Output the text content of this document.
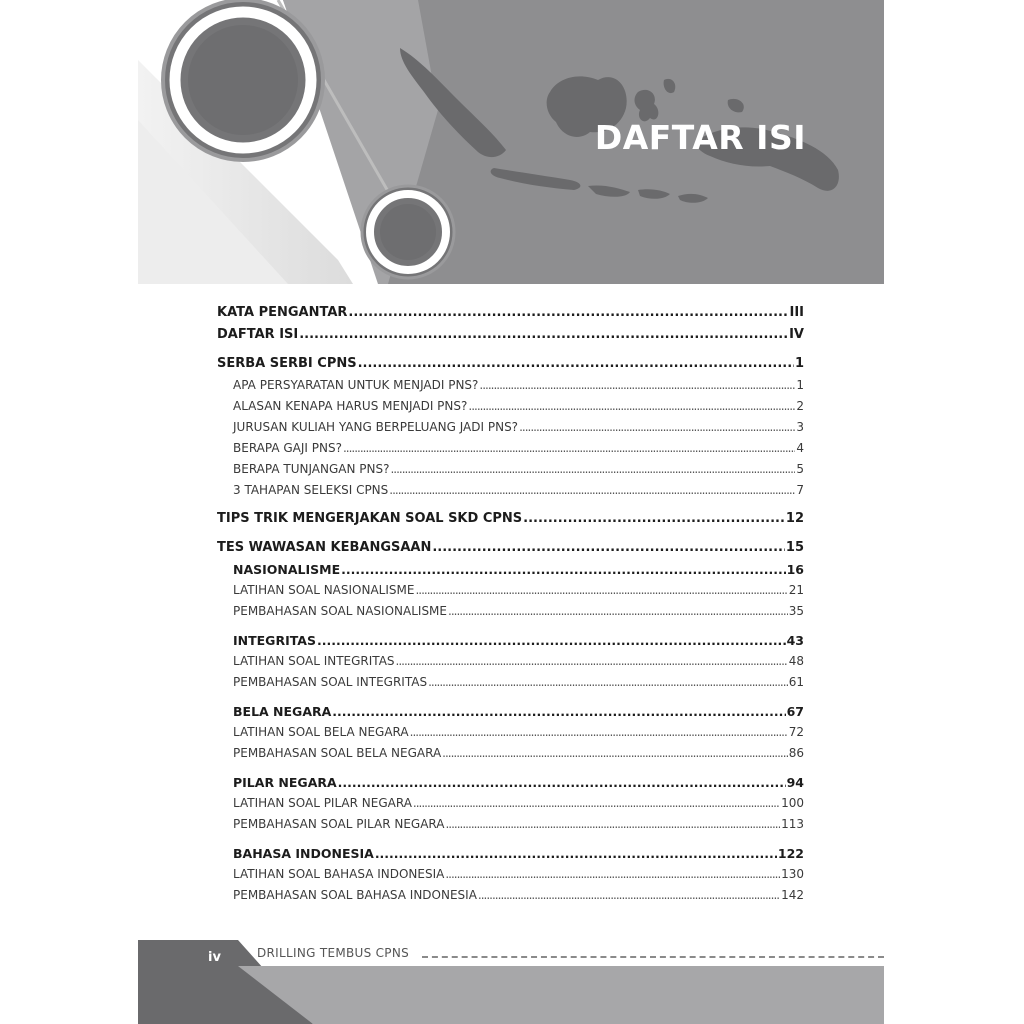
DAFTAR ISI
KATA PENGANTAR .....	III
DAFTAR ISI .....	IV
SERBA SERBI CPNS .....	1
APA PERSYARATAN UNTUK MENJADI PNS? .....	1
ALASAN KENAPA HARUS MENJADI PNS? .....	2
JURUSAN KULIAH YANG BERPELUANG JADI PNS? .....	3
BERAPA GAJI PNS? .....	4
BERAPA TUNJANGAN PNS? .....	5
3 TAHAPAN SELEKSI CPNS .....	7
TIPS TRIK MENGERJAKAN SOAL SKD CPNS .....	12
TES WAWASAN KEBANGSAAN .....	15
NASIONALISME .....	16
LATIHAN SOAL NASIONALISME .....	21
PEMBAHASAN SOAL NASIONALISME .....	35
INTEGRITAS .....	43
LATIHAN SOAL INTEGRITAS .....	48
PEMBAHASAN SOAL INTEGRITAS .....	61
BELA NEGARA .....	67
LATIHAN SOAL BELA NEGARA .....	72
PEMBAHASAN SOAL BELA NEGARA .....	86
PILAR NEGARA .....	94
LATIHAN SOAL PILAR NEGARA .....	100
PEMBAHASAN SOAL PILAR NEGARA .....	113
BAHASA INDONESIA .....	122
LATIHAN SOAL BAHASA INDONESIA .....	130
PEMBAHASAN SOAL BAHASA INDONESIA .....	142
iv	DRILLING TEMBUS CPNS
